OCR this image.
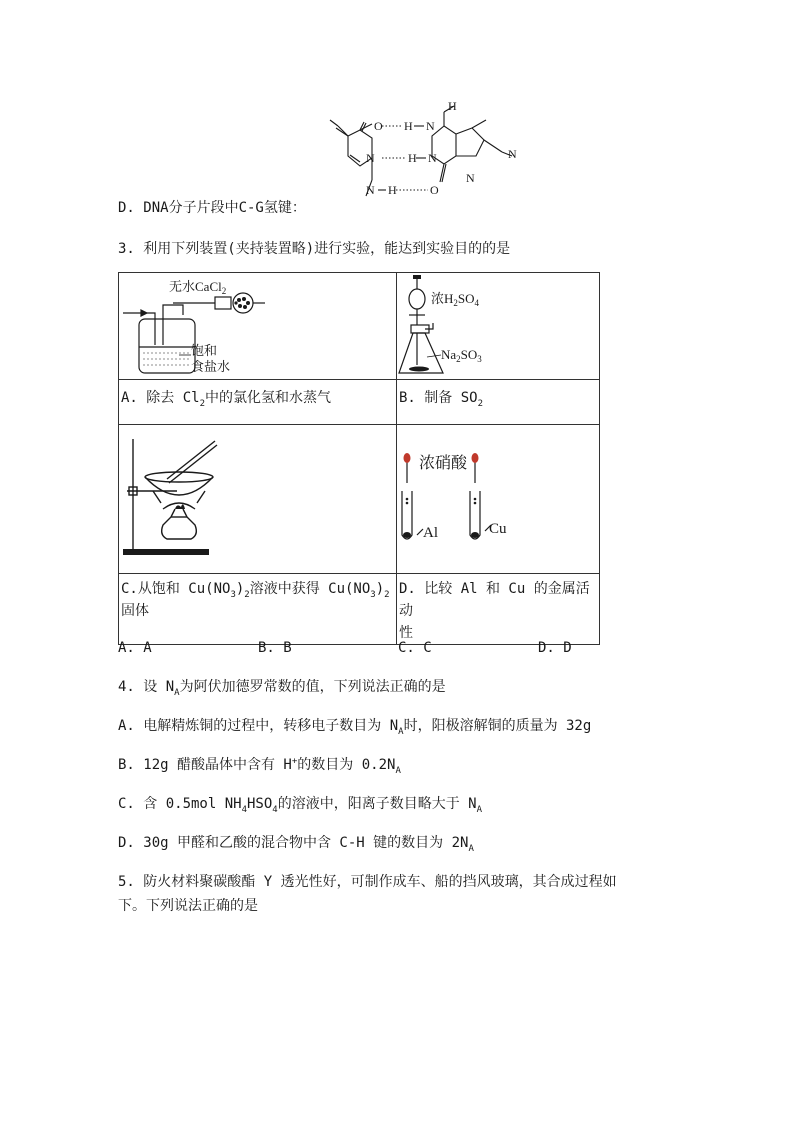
D. DNA分子片段中C-G氢键：
O H N
H
N	H N	N
N
N H	O
3. 利用下列装置(夹持装置略)进行实验，能达到实验目的的是
无水CaCl$_2$
饱和
食盐水	浓$H_2SO_4$
$Na_2SO_3$

A. 除去 $Cl_2$中的氯化氢和水蒸气	B. 制备 $SO_2$

浓硝酸
Al Cu

C.从饱和 $Cu(NO_3)_2$溶液中获得 $Cu(NO_3)_2$
固体	D. 比较 Al 和 Cu 的金属活动
性
A. A	B. B	C. C	D. D
4. 设 $N_A$为阿伏加德罗常数的值，下列说法正确的是
A. 电解精炼铜的过程中，转移电子数目为 $N_A$时，阳极溶解铜的质量为 32g
B. 12g 醋酸晶体中含有 H+的数目为 $0.2N_A$
C. 含 0.5mol $NH_4HSO_4$的溶液中，阳离子数目略大于 $N_A$
D. 30g 甲醛和乙酸的混合物中含 C-H 键的数目为 $2N_A$
5. 防火材料聚碳酸酯 Y 透光性好，可制作成车、船的挡风玻璃，其合成过程如
下。下列说法正确的是
